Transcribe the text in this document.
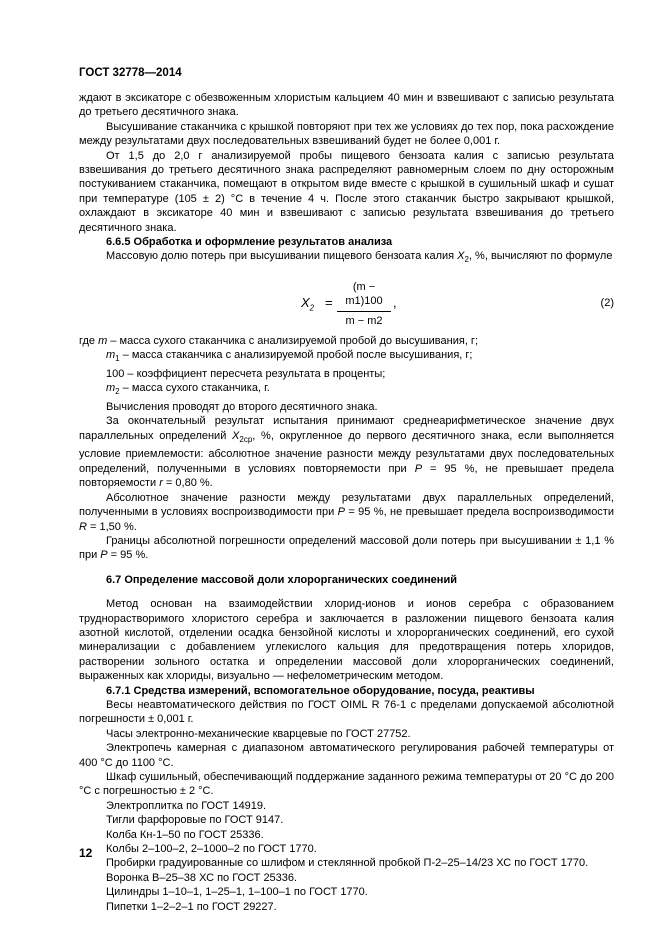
ГОСТ 32778—2014

ждают в эксикаторе с обезвоженным хлористым кальцием 40 мин и взвешивают с записью результата до третьего десятичного знака.

Высушивание стаканчика с крышкой повторяют при тех же условиях до тех пор, пока расхождение между результатами двух последовательных взвешиваний будет не более 0,001 г.

От 1,5 до 2,0 г анализируемой пробы пищевого бензоата калия с записью результата взвешивания до третьего десятичного знака распределяют равномерным слоем по дну осторожным постукиванием стаканчика, помещают в открытом виде вместе с крышкой в сушильный шкаф и сушат при температуре (105 ± 2) °С в течение 4 ч. После этого стаканчик быстро закрывают крышкой, охлаждают в эксикаторе 40 мин и взвешивают с записью результата взвешивания до третьего десятичного знака.

6.6.5 Обработка и оформление результатов анализа

Массовую долю потерь при высушивании пищевого бензоата калия $X_2$, %, вычисляют по формуле

$X_2$ =
(m − m1)100
m − m2
,	(2)

где m – масса сухого стаканчика с анализируемой пробой до высушивания, г;

$m_1$ – масса стаканчика с анализируемой пробой после высушивания, г;

100 – коэффициент пересчета результата в проценты;

$m_2$ – масса сухого стаканчика, г.

Вычисления проводят до второго десятичного знака.

За окончательный результат испытания принимают среднеарифметическое значение двух параллельных определений $X_{2ср}$, %, округленное до первого десятичного знака, если выполняется условие приемлемости: абсолютное значение разности между результатами двух последовательных определений, полученными в условиях повторяемости при P = 95 %, не превышает предела повторяемости r = 0,80 %.

Абсолютное значение разности между результатами двух параллельных определений, полученными в условиях воспроизводимости при P = 95 %, не превышает предела воспроизводимости R = 1,50 %.

Границы абсолютной погрешности определений массовой доли потерь при высушивании ± 1,1 % при P = 95 %.

6.7 Определение массовой доли хлорорганических соединений

Метод основан на взаимодействии хлорид-ионов и ионов серебра с образованием труднорастворимого хлористого серебра и заключается в разложении пищевого бензоата калия азотной кислотой, отделении осадка бензойной кислоты и хлорорганических соединений, его сухой минерализации с добавлением углекислого кальция для предотвращения потерь хлоридов, растворении зольного остатка и определении массовой доли хлорорганических соединений, выраженных как хлориды, визуально — нефелометрическим методом.

6.7.1 Средства измерений, вспомогательное оборудование, посуда, реактивы

Весы неавтоматического действия по ГОСТ OIML R 76-1 с пределами допускаемой абсолютной погрешности ± 0,001 г.

Часы электронно-механические кварцевые по ГОСТ 27752.

Электропечь камерная с диапазоном автоматического регулирования рабочей температуры от 400 °С до 1100 °С.

Шкаф сушильный, обеспечивающий поддержание заданного режима температуры от 20 °С до 200 °С с погрешностью ± 2 °С.

Электроплитка по ГОСТ 14919.

Тигли фарфоровые по ГОСТ 9147.

Колба Кн-1–50 по ГОСТ 25336.

Колбы 2–100–2, 2–1000–2 по ГОСТ 1770.

Пробирки градуированные со шлифом и стеклянной пробкой П-2–25–14/23 ХС по ГОСТ 1770.

Воронка В–25–38 ХС по ГОСТ 25336.

Цилиндры 1–10–1, 1–25–1, 1–100–1 по ГОСТ 1770.

Пипетки 1–2–2–1 по ГОСТ 29227.

12
